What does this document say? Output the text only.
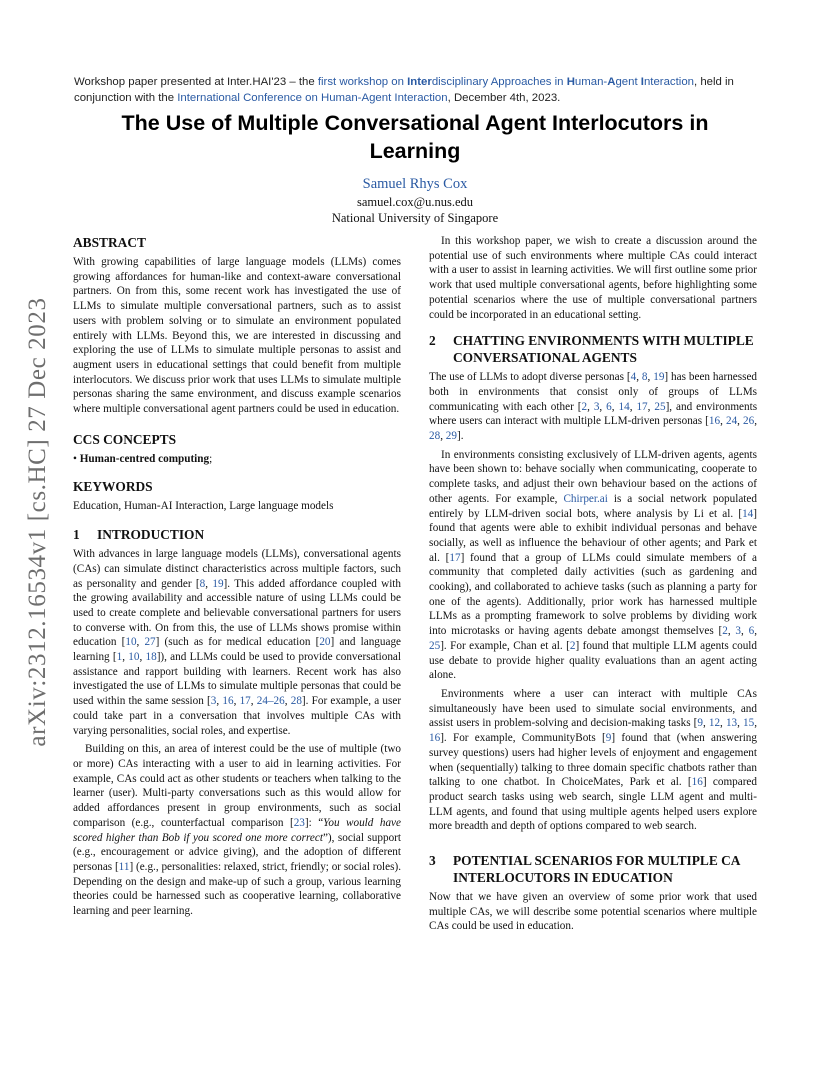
arXiv:2312.16534v1 [cs.HC] 27 Dec 2023
Workshop paper presented at Inter.HAI'23 – the first workshop on Interdisciplinary Approaches in Human-Agent Interaction, held in conjunction with the International Conference on Human-Agent Interaction, December 4th, 2023.
The Use of Multiple Conversational Agent Interlocutors in Learning
Samuel Rhys Cox
samuel.cox@u.nus.edu
National University of Singapore
ABSTRACT

With growing capabilities of large language models (LLMs) comes growing affordances for human-like and context-aware conversational partners. On from this, some recent work has investigated the use of LLMs to simulate multiple conversational partners, such as to assist users with problem solving or to simulate an environment populated entirely with LLMs. Beyond this, we are interested in discussing and exploring the use of LLMs to simulate multiple personas to assist and augment users in educational settings that could benefit from multiple interlocutors. We discuss prior work that uses LLMs to simulate multiple personas sharing the same environment, and discuss example scenarios where multiple conversational agent partners could be used in education.

CCS CONCEPTS

• Human-centred computing;

KEYWORDS

Education, Human-AI Interaction, Large language models

1	INTRODUCTION

With advances in large language models (LLMs), conversational agents (CAs) can simulate distinct characteristics across multiple factors, such as personality and gender [8, 19]. This added affordance coupled with the growing availability and accessible nature of using LLMs could be used to create complete and believable conversational partners for users to converse with. On from this, the use of LLMs shows promise within education [10, 27] (such as for medical education [20] and language learning [1, 10, 18]), and LLMs could be used to provide conversational assistance and rapport building with learners. Recent work has also investigated the use of LLMs to simulate multiple personas that could be used within the same session [3, 16, 17, 24–26, 28]. For example, a user could take part in a conversation that involves multiple CAs with varying personalities, social roles, and expertise.

Building on this, an area of interest could be the use of multiple (two or more) CAs interacting with a user to aid in learning activities. For example, CAs could act as other students or teachers when talking to the learner (user). Multi-party conversations such as this would allow for added affordances present in group environments, such as social comparison (e.g., counterfactual comparison [23]: “You would have scored higher than Bob if you scored one more correct”), social support (e.g., encouragement or advice giving), and the adoption of different personas [11] (e.g., personalities: relaxed, strict, friendly; or social roles). Depending on the design and make-up of such a group, various learning theories could be harnessed such as cooperative learning, collaborative learning and peer learning.

In this workshop paper, we wish to create a discussion around the potential use of such environments where multiple CAs could interact with a user to assist in learning activities. We will first outline some prior work that used multiple conversational agents, before highlighting some potential scenarios where the use of multiple conversational partners could be incorporated in an educational setting.

2	CHATTING ENVIRONMENTS WITH MULTIPLE CONVERSATIONAL AGENTS

The use of LLMs to adopt diverse personas [4, 8, 19] has been harnessed both in environments that consist only of groups of LLMs communicating with each other [2, 3, 6, 14, 17, 25], and environments where users can interact with multiple LLM-driven personas [16, 24, 26, 28, 29].

In environments consisting exclusively of LLM-driven agents, agents have been shown to: behave socially when communicating, cooperate to complete tasks, and adjust their own behaviour based on the actions of other agents. For example, Chirper.ai is a social network populated entirely by LLM-driven social bots, where analysis by Li et al. [14] found that agents were able to exhibit individual personas and behave socially, as well as influence the behaviour of other agents; and Park et al. [17] found that a group of LLMs could simulate members of a community that completed daily activities (such as gardening and cooking), and collaborated to achieve tasks (such as planning a party for one of the agents). Additionally, prior work has harnessed multiple LLMs as a prompting framework to solve problems by dividing work into microtasks or having agents debate amongst themselves [2, 3, 6, 25]. For example, Chan et al. [2] found that multiple LLM agents could use debate to provide higher quality evaluations than an agent acting alone.

Environments where a user can interact with multiple CAs simultaneously have been used to simulate social environments, and assist users in problem-solving and decision-making tasks [9, 12, 13, 15, 16]. For example, CommunityBots [9] found that (when answering survey questions) users had higher levels of enjoyment and engagement when (sequentially) talking to three domain specific chatbots rather than talking to one chatbot. In ChoiceMates, Park et al. [16] compared product search tasks using web search, single LLM agent and multi-LLM agents, and found that using multiple agents helped users explore more breadth and depth of options compared to web search.

3	POTENTIAL SCENARIOS FOR MULTIPLE CA INTERLOCUTORS IN EDUCATION

Now that we have given an overview of some prior work that used multiple CAs, we will describe some potential scenarios where multiple CAs could be used in education.
